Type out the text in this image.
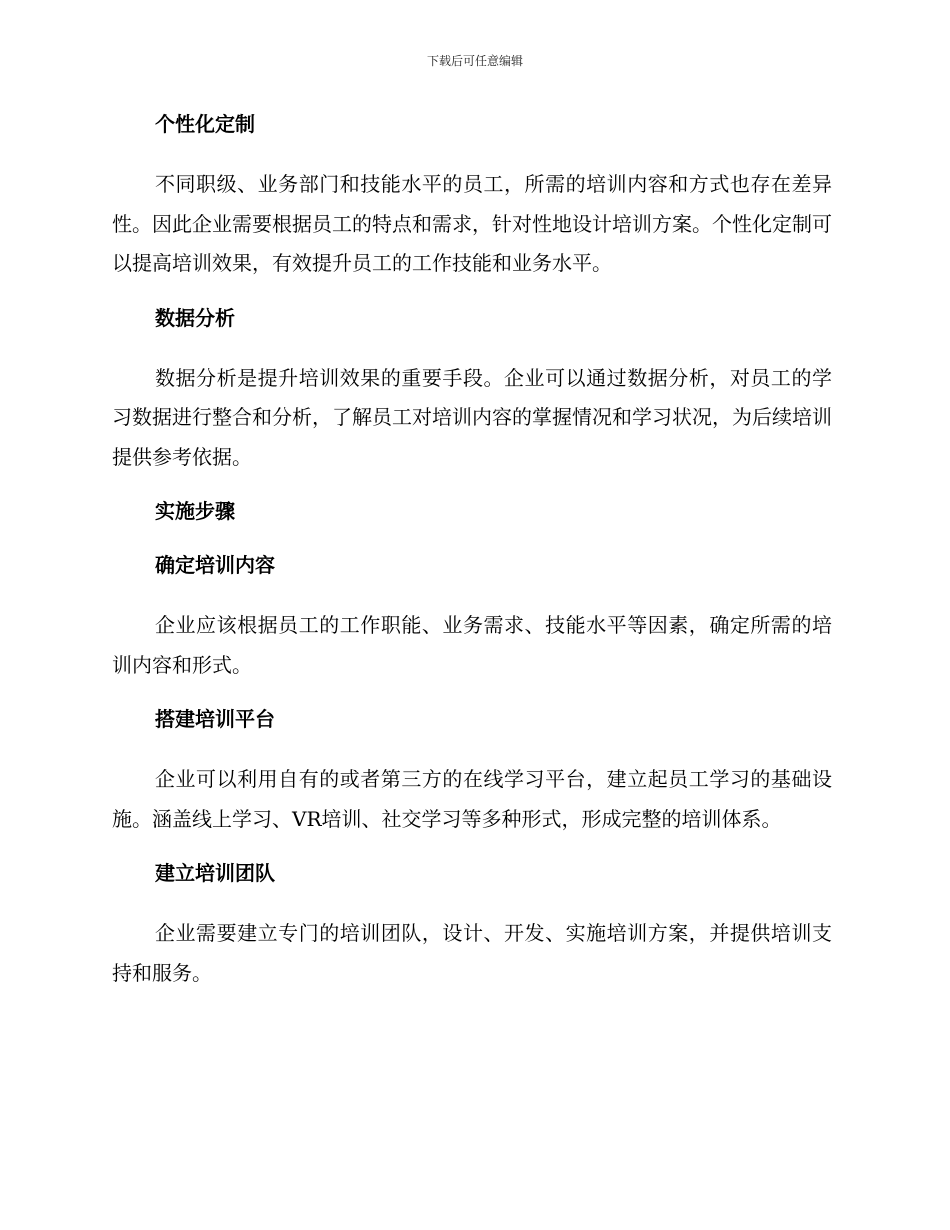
下载后可任意编辑
个性化定制

不同职级、业务部门和技能水平的员工，所需的培训内容和方式也存在差异性。因此企业需要根据员工的特点和需求，针对性地设计培训方案。个性化定制可以提高培训效果，有效提升员工的工作技能和业务水平。

数据分析

数据分析是提升培训效果的重要手段。企业可以通过数据分析，对员工的学习数据进行整合和分析，了解员工对培训内容的掌握情况和学习状况，为后续培训提供参考依据。

实施步骤
确定培训内容

企业应该根据员工的工作职能、业务需求、技能水平等因素，确定所需的培训内容和形式。

搭建培训平台

企业可以利用自有的或者第三方的在线学习平台，建立起员工学习的基础设施。涵盖线上学习、VR培训、社交学习等多种形式，形成完整的培训体系。

建立培训团队

企业需要建立专门的培训团队，设计、开发、实施培训方案，并提供培训支持和服务。
